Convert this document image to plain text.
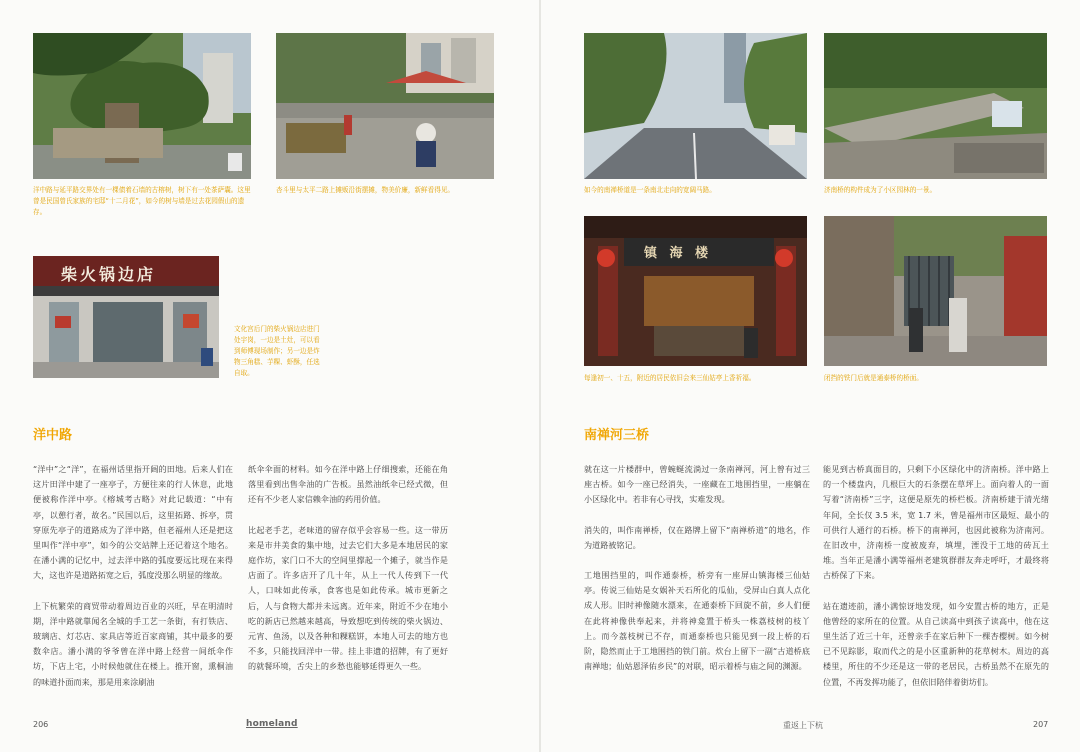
洋中路与延平路交界处有一棵债着石墙的古榕树，树下有一处茶萨囊。这里曾是民国曾氏家族的宅邸“十二月花”，如今的树与墙是过去花园假山的遗存。

杏斗里与太平二路上摊贩沿街摆摊，物美价廉，新鲜看得见。

柴火锅边店

文化宫后门的柴火锅边店进门处宇岗，一边是土灶，可以看到师傅现场制作；另一边是炸物三角糕、芋粿、虾酥，任选自取。

洋中路

“洋中”之“洋”，在福州话里指开阔的田地。后来人们在这片田洋中建了一座亭子，方便往来的行人休息，此地便被称作洋中亭。《榕城考古略》对此记载道：“中有亭，以憩行者，故名。”民国以后，这里拓路、拆亭，贯穿原先亭子的道路成为了洋中路，但老福州人还是把这里叫作“洋中亭”，如今的公交站牌上还记着这个地名。在潘小满的记忆中，过去洋中路的弧度要远比现在来得大，这也许是道路拓宽之后，弧度没那么明显的缘故。

上下杭繁荣的商贸带动着周边百业的兴旺，早在明清时期，洋中路就靠闻名全城的手工艺一条街，有打铁店、玻璃店、灯芯店、家具店等近百家商铺，其中最多的要数伞店。潘小满的爷爷曾在洋中路上经营一间纸伞作坊，下店上宅，小时候他就住在楼上。推开窗，熏桐油的味道扑面而来，那是用来涂刷油

纸伞伞面的材料。如今在洋中路上仔细搜索，还能在角落里看到出售伞油的广告板。虽然油纸伞已经式微，但还有不少老人家信赖伞油的药用价值。

比起老手艺，老味道的留存似乎会容易一些。这一带历来是市井美食的集中地，过去它们大多是本地居民的家庭作坊，家门口不大的空间里撑起一个摊子，就当作是店面了。许多店开了几十年，从上一代人传到下一代人，口味如此传承，食客也是如此传承。城市更新之后，人与食物大都并未远离。近年来，附近不少在地小吃的新店已然越来越高，导致想吃到传统的柴火锅边、元宵、鱼汤，以及各种和粿糕饼，本地人可去的地方也不多，只能找回洋中一带。挂上非遗的招牌，有了更好的就餐环境，舌尖上的乡愁也能够延得更久一些。

206	homeland

如今的南禅桥道是一条南北走向的宽阔马路。	济南桥的构件成为了小区园林的一景。

镇 海 楼

每逢初一、十五，附近的居民依旧会来三仙姑亭上香祈福。	闭挡的铁门后就是通泰桥的桥面。

南禅河三桥

就在这一片楼群中，曾蜿蜒流淌过一条南禅河，河上曾有过三座古桥。如今一座已经消失，一座藏在工地围挡里，一座躺在小区绿化中。若非有心寻找，实难发现。

消失的，叫作南禅桥，仅在路牌上留下“南禅桥道”的地名，作为道路被铭记。

工地围挡里的，叫作通泰桥，桥旁有一座屏山镇海楼三仙姑亭。传说三仙姑是女娲补天石所化的瓜仙，受屏山白真人点化成人形。旧时神像随水漂来，在通泰桥下回旋不前，乡人们便在此将神像供奉起来，并将神龛置于桥头一株荔枝树的枝丫上。而今荔枝树已不存，而通泰桥也只能见到一段上桥的石阶，隐然而止于工地围挡的铁门前。炊台上留下一副“古道桥底南禅地；仙姑恩泽佑乡民”的对联，昭示着桥与庙之间的渊源。

能见到古桥真面目的，只剩下小区绿化中的济南桥。洋中路上的一个楼盘内，几根巨大的石条摆在草坪上。面向着人的一面写着“济南桥”三字，这便是原先的桥栏板。济南桥建于清光绪年间，全长仅 3.5 米，宽 1.7 米，曾是福州市区最短、最小的可供行人通行的石桥。桥下的南禅河，也因此被称为济南河。在旧改中，济南桥一度被废弃，填埋，湮没于工地的砖瓦土堆。当年正是潘小满等福州老建筑群群友奔走呼吁，才最终将古桥保了下来。

站在遗迹前，潘小满惊讶地发现，如今安置古桥的地方，正是他曾经的家所在的位置。从自己读高中到孩子读高中，他在这里生活了近三十年，还曾亲手在家后种下一棵杏樱树。如今树已不见踪影，取而代之的是小区重新种的花草树木。周边的高楼里，所住的不少还是这一带的老居民，古桥虽然不在原先的位置，不再发挥功能了，但依旧陪伴着街坊们。

重返上下杭	207
